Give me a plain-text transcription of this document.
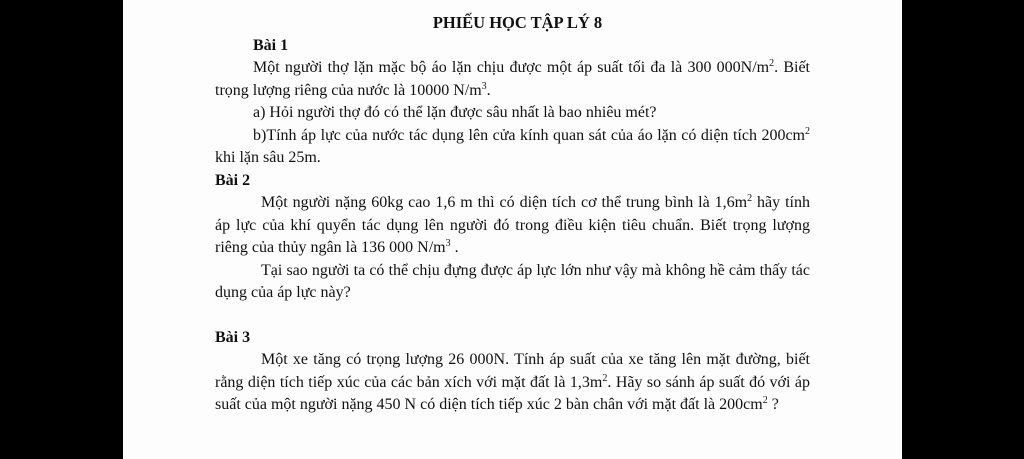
PHIẾU HỌC TẬP LÝ 8
Bài 1

Một người thợ lặn mặc bộ áo lặn chịu được một áp suất tối đa là 300 $000N/m^2$. Biết trọng lượng riêng của nước là 10000 $N/m^3$.

a) Hỏi người thợ đó có thể lặn được sâu nhất là bao nhiêu mét?

b)Tính áp lực của nước tác dụng lên cửa kính quan sát của áo lặn có diện tích $200cm^2$ khi lặn sâu 25m.

Bài 2

Một người nặng 60kg cao 1,6 m thì có diện tích cơ thể trung bình là $1,6m^2$ hãy tính áp lực của khí quyển tác dụng lên người đó trong điều kiện tiêu chuẩn. Biết trọng lượng riêng của thủy ngân là 136 000 $N/m^3$ .

Tại sao người ta có thể chịu đựng được áp lực lớn như vậy mà không hề cảm thấy tác dụng của áp lực này?

Bài 3

Một xe tăng có trọng lượng 26 000N. Tính áp suất của xe tăng lên mặt đường, biết rằng diện tích tiếp xúc của các bản xích với mặt đất là $1,3m^2$. Hãy so sánh áp suất đó với áp suất của một người nặng 450 N có diện tích tiếp xúc 2 bàn chân với mặt đất là $200cm^2$ ?
